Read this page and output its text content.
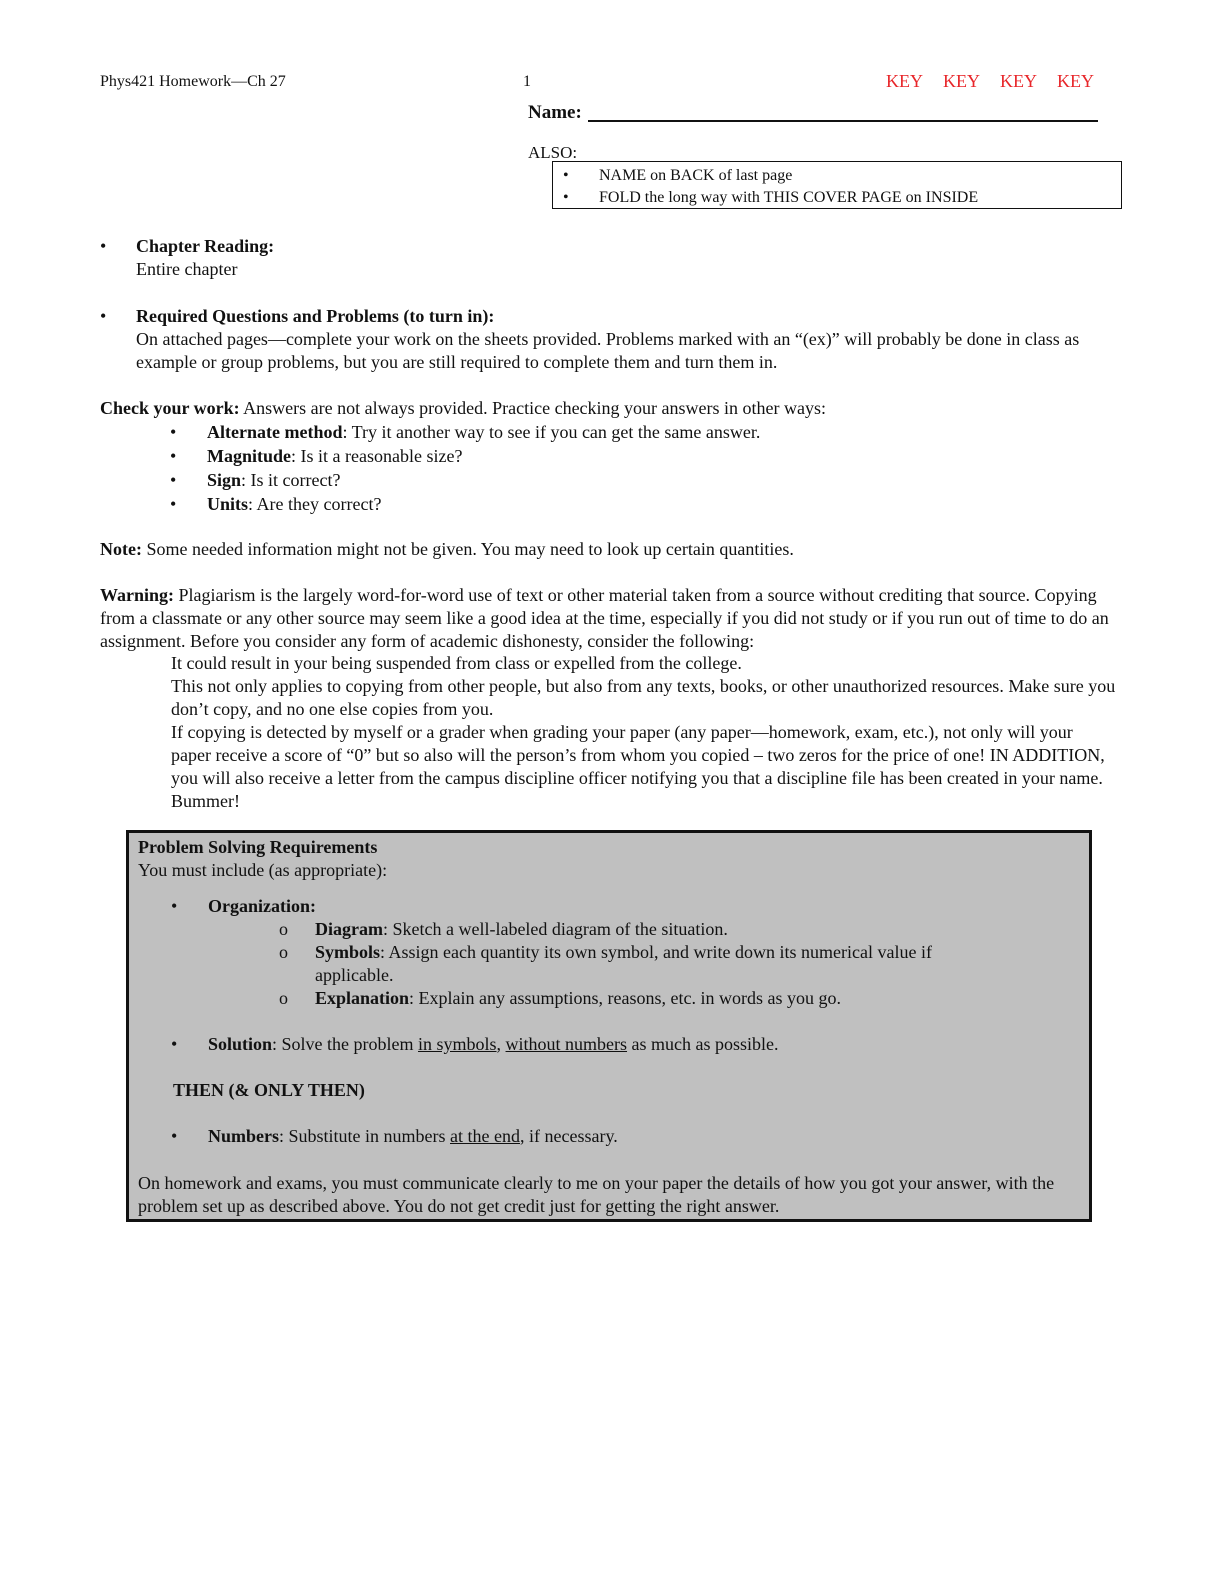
Phys421 Homework—Ch 27	1	KEY KEY KEY KEY
Name:
ALSO:
• NAME on BACK of last page
• FOLD the long way with THIS COVER PAGE on INSIDE
•	Chapter Reading:
Entire chapter
•	Required Questions and Problems (to turn in):
On attached pages—complete your work on the sheets provided. Problems marked with an “(ex)” will probably be done in class as example or group problems, but you are still required to complete them and turn them in.
Check your work: Answers are not always provided. Practice checking your answers in other ways:
• Alternate method: Try it another way to see if you can get the same answer.
• Magnitude: Is it a reasonable size?
• Sign: Is it correct?
• Units: Are they correct?
Note: Some needed information might not be given. You may need to look up certain quantities.
Warning: Plagiarism is the largely word-for-word use of text or other material taken from a source without crediting that source. Copying from a classmate or any other source may seem like a good idea at the time, especially if you did not study or if you run out of time to do an assignment. Before you consider any form of academic dishonesty, consider the following:
It could result in your being suspended from class or expelled from the college.
This not only applies to copying from other people, but also from any texts, books, or other unauthorized resources. Make sure you don’t copy, and no one else copies from you.
If copying is detected by myself or a grader when grading your paper (any paper—homework, exam, etc.), not only will your paper receive a score of “0” but so also will the person’s from whom you copied – two zeros for the price of one! IN ADDITION, you will also receive a letter from the campus discipline officer notifying you that a discipline file has been created in your name. Bummer!
Problem Solving Requirements
You must include (as appropriate):
• Organization:
o Diagram: Sketch a well-labeled diagram of the situation.
o Symbols: Assign each quantity its own symbol, and write down its numerical value if applicable.
o Explanation: Explain any assumptions, reasons, etc. in words as you go.
• Solution: Solve the problem in symbols, without numbers as much as possible.
THEN (& ONLY THEN)
• Numbers: Substitute in numbers at the end, if necessary.
On homework and exams, you must communicate clearly to me on your paper the details of how you got your answer, with the problem set up as described above. You do not get credit just for getting the right answer.
